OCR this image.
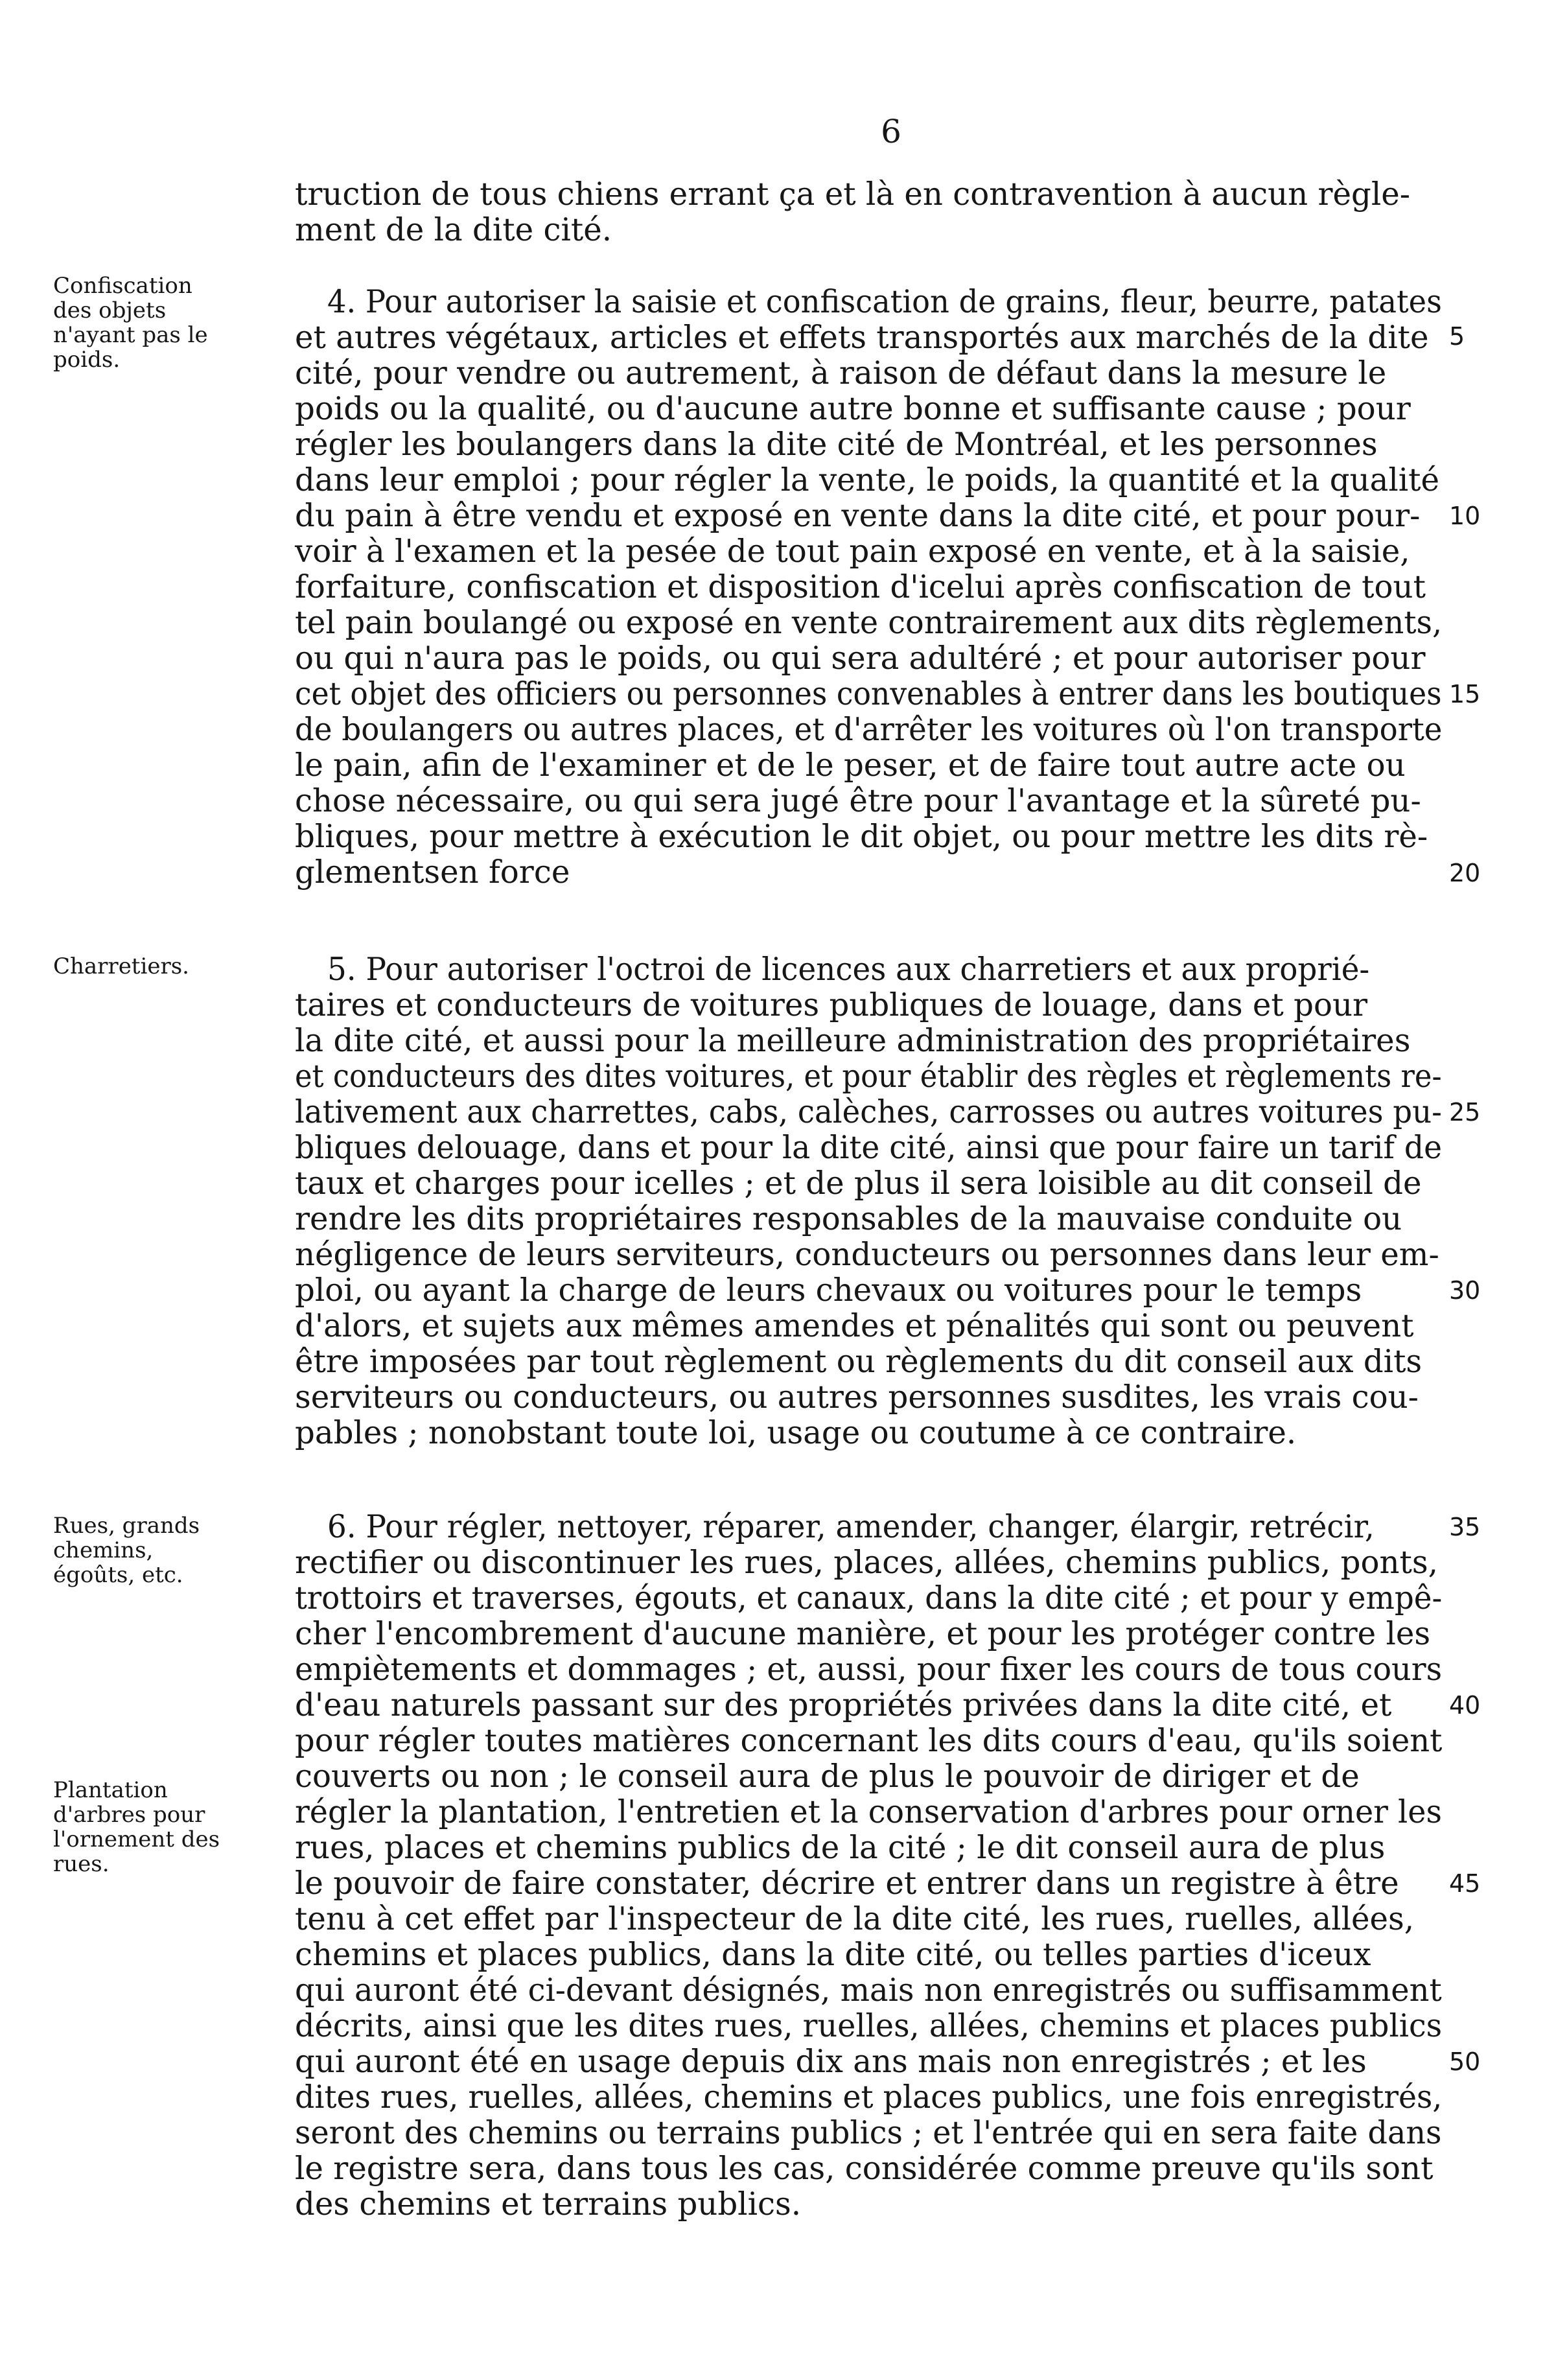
6
truction de tous chiens errant ça et là en contravention à aucun règle-
ment de la dite cité.
Confiscation
des objets
n'ayant pas le
poids.
4. Pour autoriser la saisie et confiscation de grains, fleur, beurre, patates
et autres végétaux, articles et effets transportés aux marchés de la dite
cité, pour vendre ou autrement, à raison de défaut dans la mesure le
poids ou la qualité, ou d'aucune autre bonne et suffisante cause ; pour
régler les boulangers dans la dite cité de Montréal, et les personnes
dans leur emploi ; pour régler la vente, le poids, la quantité et la qualité
du pain à être vendu et exposé en vente dans la dite cité, et pour pour-
voir à l'examen et la pesée de tout pain exposé en vente, et à la saisie,
forfaiture, confiscation et disposition d'icelui après confiscation de tout
tel pain boulangé ou exposé en vente contrairement aux dits règlements,
ou qui n'aura pas le poids, ou qui sera adultéré ; et pour autoriser pour
cet objet des officiers ou personnes convenables à entrer dans les boutiques
de boulangers ou autres places, et d'arrêter les voitures où l'on transporte
le pain, afin de l'examiner et de le peser, et de faire tout autre acte ou
chose nécessaire, ou qui sera jugé être pour l'avantage et la sûreté pu-
bliques, pour mettre à exécution le dit objet, ou pour mettre les dits rè-
glementsen force
Charretiers.	5. Pour autoriser l'octroi de licences aux charretiers et aux proprié-
taires et conducteurs de voitures publiques de louage, dans et pour
la dite cité, et aussi pour la meilleure administration des propriétaires
et conducteurs des dites voitures, et pour établir des règles et règlements re-
lativement aux charrettes, cabs, calèches, carrosses ou autres voitures pu-
bliques delouage, dans et pour la dite cité, ainsi que pour faire un tarif de
taux et charges pour icelles ; et de plus il sera loisible au dit conseil de
rendre les dits propriétaires responsables de la mauvaise conduite ou
négligence de leurs serviteurs, conducteurs ou personnes dans leur em-
ploi, ou ayant la charge de leurs chevaux ou voitures pour le temps
d'alors, et sujets aux mêmes amendes et pénalités qui sont ou peuvent
être imposées par tout règlement ou règlements du dit conseil aux dits
serviteurs ou conducteurs, ou autres personnes susdites, les vrais cou-
pables ; nonobstant toute loi, usage ou coutume à ce contraire.
Rues, grands
chemins,
égoûts, etc.
Plantation
d'arbres pour
l'ornement des
rues.
6. Pour régler, nettoyer, réparer, amender, changer, élargir, retrécir,
rectifier ou discontinuer les rues, places, allées, chemins publics, ponts,
trottoirs et traverses, égouts, et canaux, dans la dite cité ; et pour y empê-
cher l'encombrement d'aucune manière, et pour les protéger contre les
empiètements et dommages ; et, aussi, pour fixer les cours de tous cours
d'eau naturels passant sur des propriétés privées dans la dite cité, et
pour régler toutes matières concernant les dits cours d'eau, qu'ils soient
couverts ou non ; le conseil aura de plus le pouvoir de diriger et de
régler la plantation, l'entretien et la conservation d'arbres pour orner les
rues, places et chemins publics de la cité ; le dit conseil aura de plus
le pouvoir de faire constater, décrire et entrer dans un registre à être
tenu à cet effet par l'inspecteur de la dite cité, les rues, ruelles, allées,
chemins et places publics, dans la dite cité, ou telles parties d'iceux
qui auront été ci-devant désignés, mais non enregistrés ou suffisamment
décrits, ainsi que les dites rues, ruelles, allées, chemins et places publics
qui auront été en usage depuis dix ans mais non enregistrés ; et les
dites rues, ruelles, allées, chemins et places publics, une fois enregistrés,
seront des chemins ou terrains publics ; et l'entrée qui en sera faite dans
le registre sera, dans tous les cas, considérée comme preuve qu'ils sont
des chemins et terrains publics.
5
10
15
20
25
30
35
40
45
50
